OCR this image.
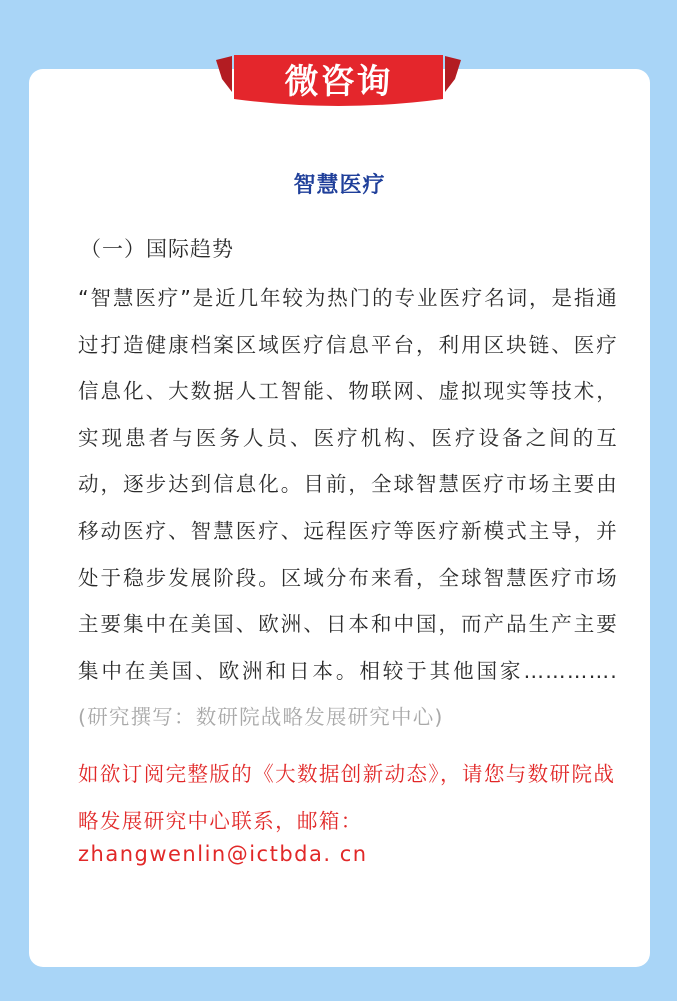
微咨询
智慧医疗
（一）国际趋势

“智慧医疗”是近几年较为热门的专业医疗名词，是指通过打造健康档案区域医疗信息平台，利用区块链、医疗信息化、大数据人工智能、物联网、虚拟现实等技术，实现患者与医务人员、医疗机构、医疗设备之间的互动，逐步达到信息化。目前，全球智慧医疗市场主要由移动医疗、智慧医疗、远程医疗等医疗新模式主导，并处于稳步发展阶段。区域分布来看，全球智慧医疗市场主要集中在美国、欧洲、日本和中国，而产品生产主要集中在美国、欧洲和日本。相较于其他国家…………. (研究撰写：数研院战略发展研究中心)

如欲订阅完整版的《大数据创新动态》，请您与数研院战略发展研究中心联系，邮箱：

zhangwenlin@ictbda. cn
